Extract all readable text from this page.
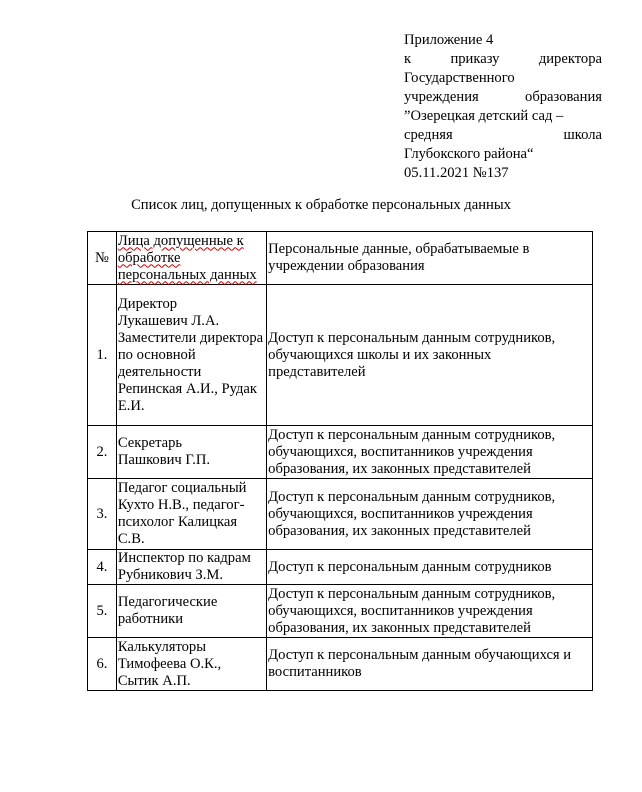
Приложение 4
к	приказу	директора
Государственного
учреждения	образования
”Озерецкая детский сад –
средняя	школа
Глубокского района“
05.11.2021 №137
Список лиц, допущенных к обработке персональных данных
№	Лица допущенные к обработке персональных данных	Персональные данные, обрабатываемые в учреждении образования
1.	Директор
Лукашевич Л.А.
Заместители директора по основной деятельности Репинская А.И., Рудак Е.И.	Доступ к персональным данным сотрудников, обучающихся школы и их законных представителей
2.	Секретарь
Пашкович Г.П.	Доступ к персональным данным сотрудников, обучающихся, воспитанников учреждения образования, их законных представителей
3.	Педагог социальный Кухто Н.В., педагог-психолог Калицкая С.В.	Доступ к персональным данным сотрудников, обучающихся, воспитанников учреждения образования, их законных представителей
4.	Инспектор по кадрам Рубникович З.М.	Доступ к персональным данным сотрудников
5.	Педагогические работники	Доступ к персональным данным сотрудников, обучающихся, воспитанников учреждения образования, их законных представителей
6.	Калькуляторы
Тимофеева О.К.,
Сытик А.П.	Доступ к персональным данным обучающихся и воспитанников
